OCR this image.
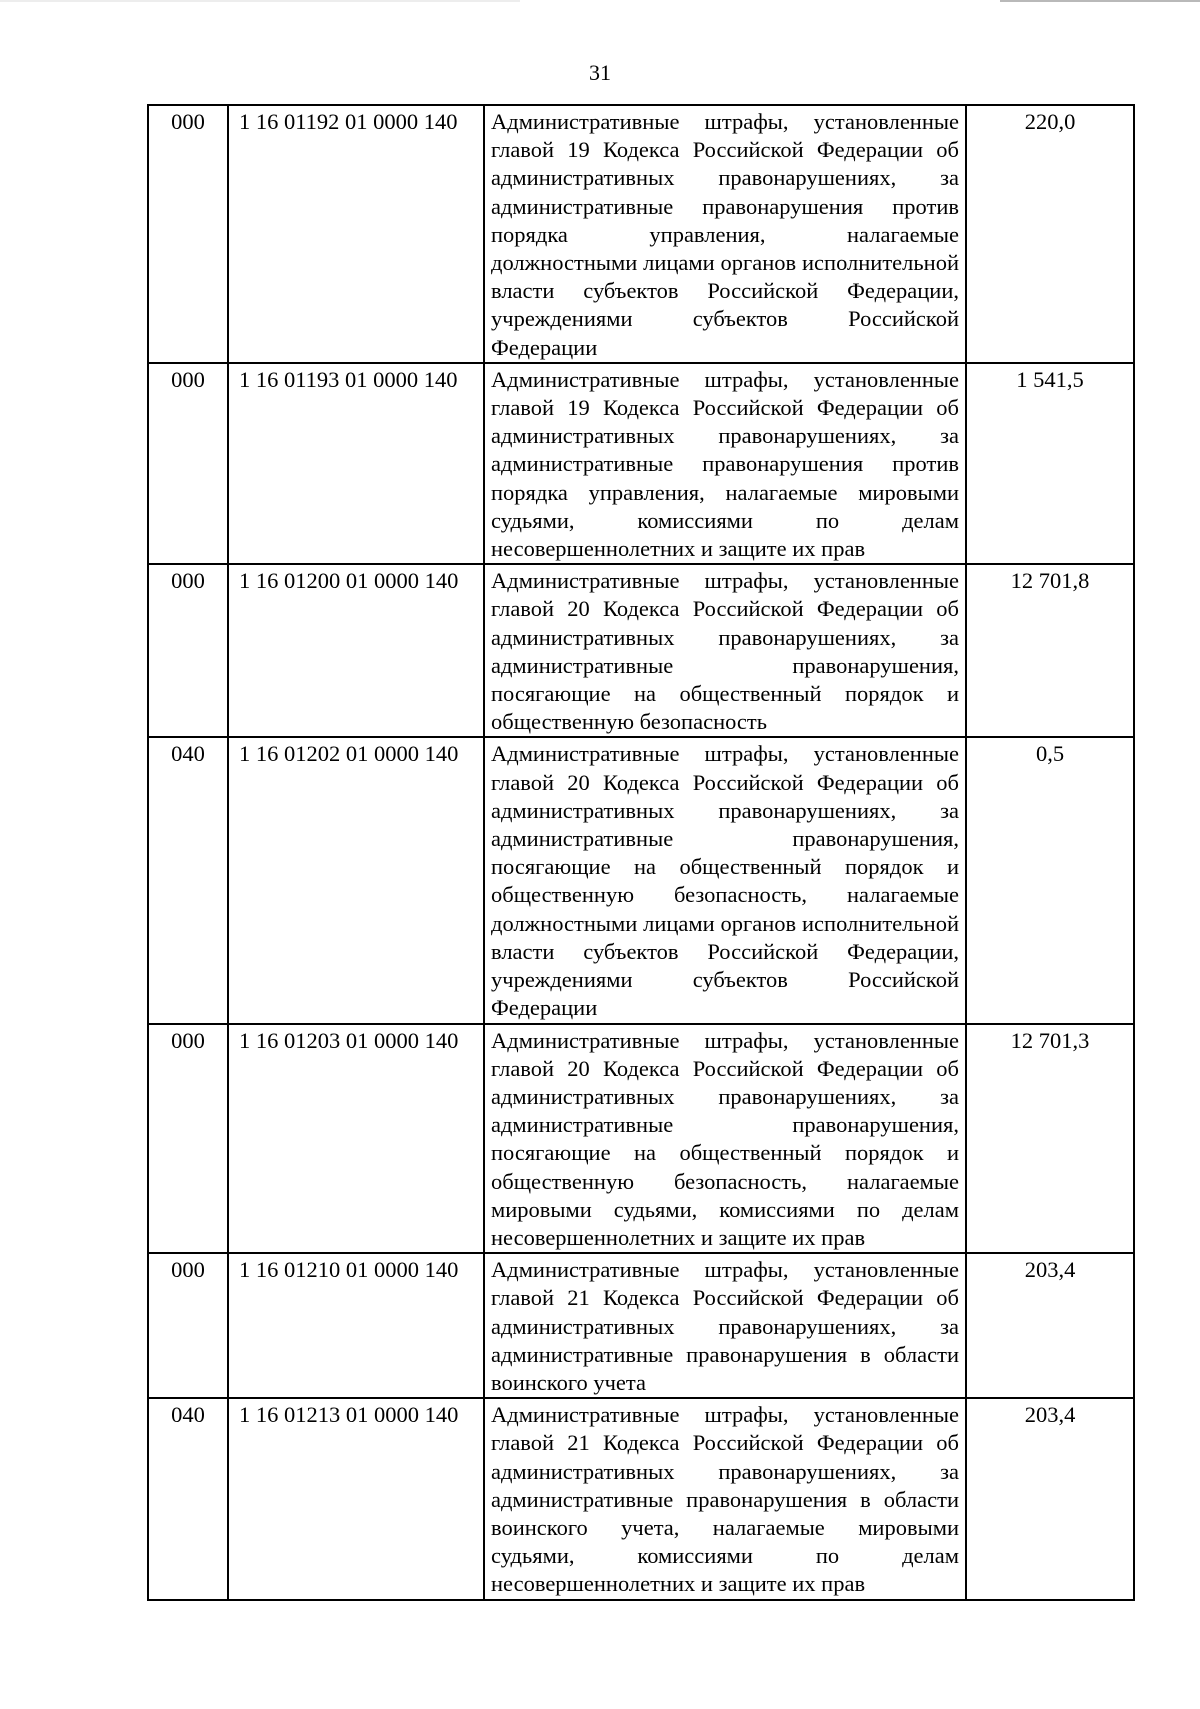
31
000	1 16 01192 01 0000 140	Административные штрафы, установленные главой 19 Кодекса Российской Федерации об административных правонарушениях, за административные правонарушения против порядка управления, налагаемые должностными лицами органов исполнительной власти субъектов Российской Федерации, учреждениями субъектов Российской Федерации	220,0
000	1 16 01193 01 0000 140	Административные штрафы, установленные главой 19 Кодекса Российской Федерации об административных правонарушениях, за административные правонарушения против порядка управления, налагаемые мировыми судьями, комиссиями по делам несовершеннолетних и защите их прав	1 541,5
000	1 16 01200 01 0000 140	Административные штрафы, установленные главой 20 Кодекса Российской Федерации об административных правонарушениях, за административные правонарушения, посягающие на общественный порядок и общественную безопасность	12 701,8
040	1 16 01202 01 0000 140	Административные штрафы, установленные главой 20 Кодекса Российской Федерации об административных правонарушениях, за административные правонарушения, посягающие на общественный порядок и общественную безопасность, налагаемые должностными лицами органов исполнительной власти субъектов Российской Федерации, учреждениями субъектов Российской Федерации	0,5
000	1 16 01203 01 0000 140	Административные штрафы, установленные главой 20 Кодекса Российской Федерации об административных правонарушениях, за административные правонарушения, посягающие на общественный порядок и общественную безопасность, налагаемые мировыми судьями, комиссиями по делам несовершеннолетних и защите их прав	12 701,3
000	1 16 01210 01 0000 140	Административные штрафы, установленные главой 21 Кодекса Российской Федерации об административных правонарушениях, за административные правонарушения в области воинского учета	203,4
040	1 16 01213 01 0000 140	Административные штрафы, установленные главой 21 Кодекса Российской Федерации об административных правонарушениях, за административные правонарушения в области воинского учета, налагаемые мировыми судьями, комиссиями по делам несовершеннолетних и защите их прав	203,4
